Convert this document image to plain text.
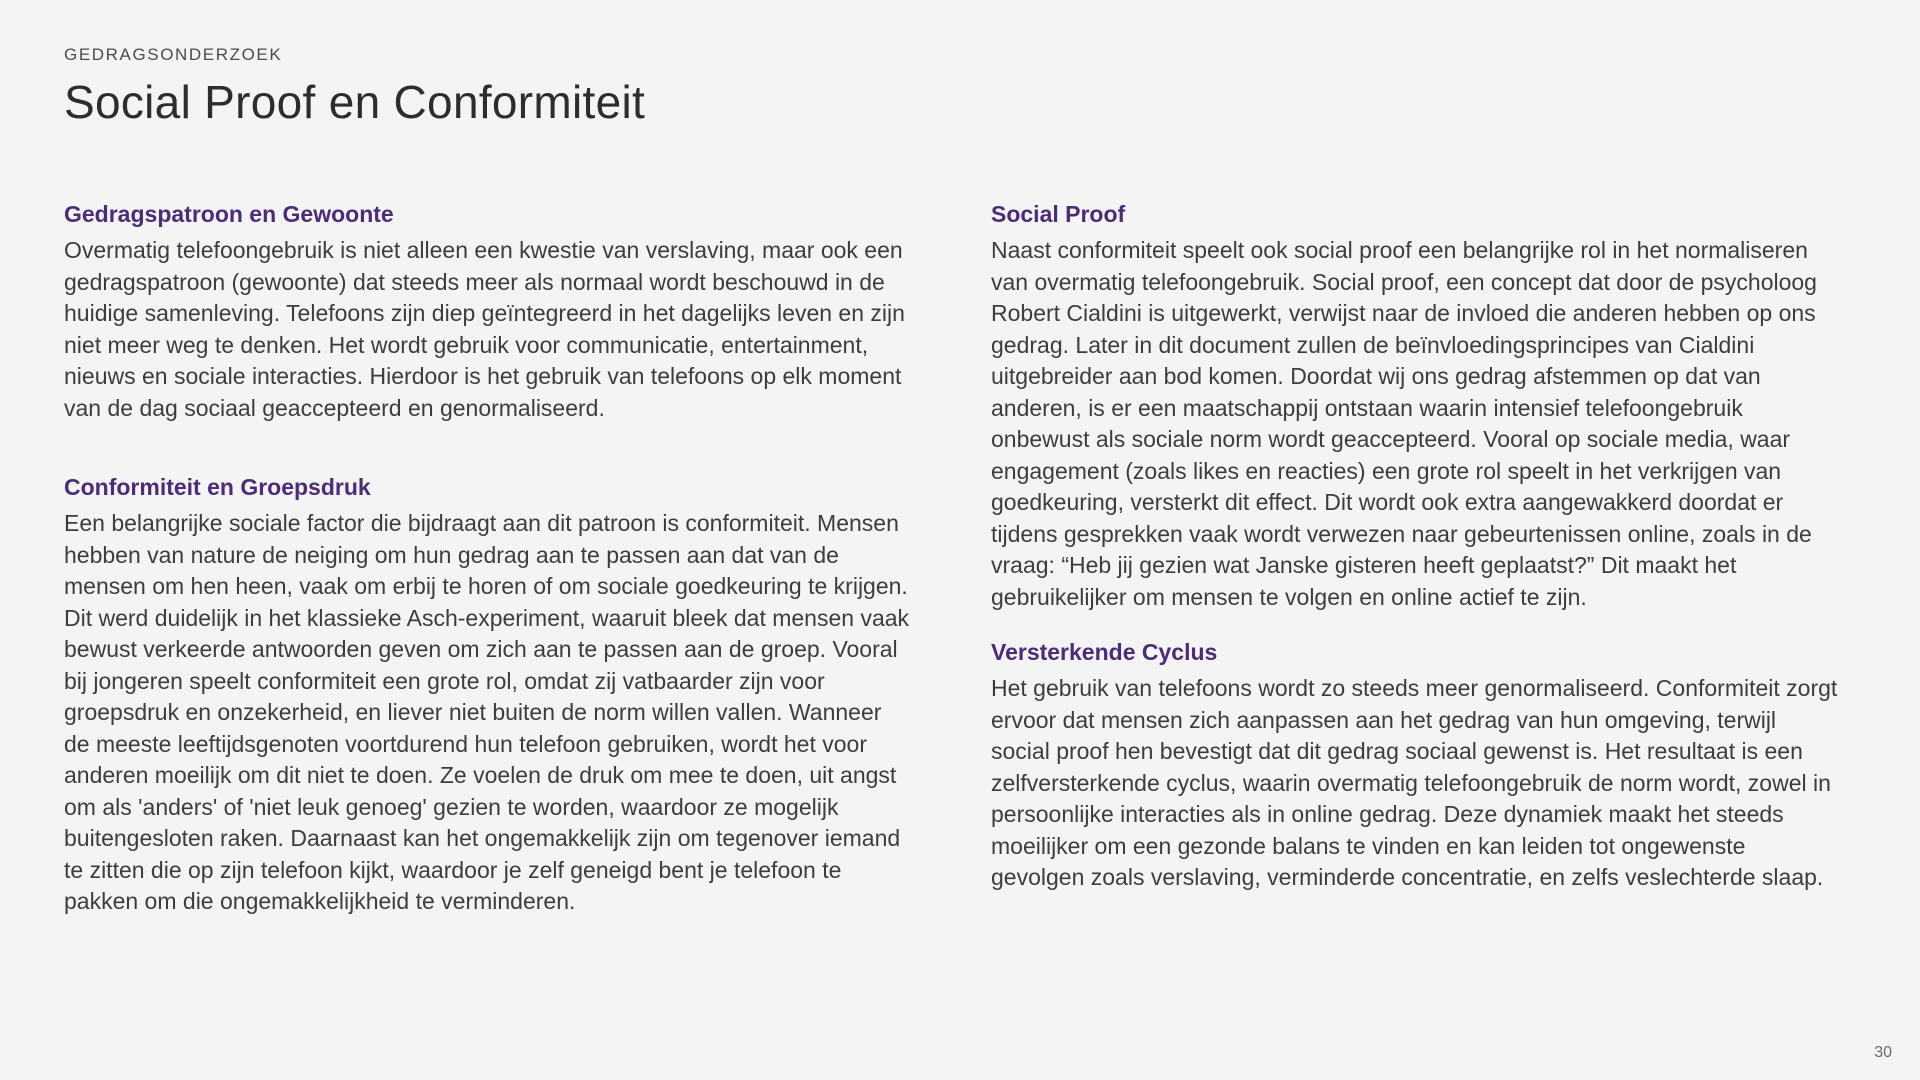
GEDRAGSONDERZOEK
Social Proof en Conformiteit
Gedragspatroon en Gewoonte

Overmatig telefoongebruik is niet alleen een kwestie van verslaving, maar ook een gedragspatroon (gewoonte) dat steeds meer als normaal wordt beschouwd in de huidige samenleving. Telefoons zijn diep geïntegreerd in het dagelijks leven en zijn niet meer weg te denken. Het wordt gebruik voor communicatie, entertainment, nieuws en sociale interacties. Hierdoor is het gebruik van telefoons op elk moment van de dag sociaal geaccepteerd en genormaliseerd.

Conformiteit en Groepsdruk

Een belangrijke sociale factor die bijdraagt aan dit patroon is conformiteit. Mensen hebben van nature de neiging om hun gedrag aan te passen aan dat van de mensen om hen heen, vaak om erbij te horen of om sociale goedkeuring te krijgen. Dit werd duidelijk in het klassieke Asch-experiment, waaruit bleek dat mensen vaak bewust verkeerde antwoorden geven om zich aan te passen aan de groep. Vooral bij jongeren speelt conformiteit een grote rol, omdat zij vatbaarder zijn voor groepsdruk en onzekerheid, en liever niet buiten de norm willen vallen. Wanneer de meeste leeftijdsgenoten voortdurend hun telefoon gebruiken, wordt het voor anderen moeilijk om dit niet te doen. Ze voelen de druk om mee te doen, uit angst om als 'anders' of 'niet leuk genoeg' gezien te worden, waardoor ze mogelijk buitengesloten raken. Daarnaast kan het ongemakkelijk zijn om tegenover iemand te zitten die op zijn telefoon kijkt, waardoor je zelf geneigd bent je telefoon te pakken om die ongemakkelijkheid te verminderen.

Social Proof

Naast conformiteit speelt ook social proof een belangrijke rol in het normaliseren van overmatig telefoongebruik. Social proof, een concept dat door de psycholoog Robert Cialdini is uitgewerkt, verwijst naar de invloed die anderen hebben op ons gedrag. Later in dit document zullen de beïnvloedingsprincipes van Cialdini uitgebreider aan bod komen. Doordat wij ons gedrag afstemmen op dat van anderen, is er een maatschappij ontstaan waarin intensief telefoongebruik onbewust als sociale norm wordt geaccepteerd. Vooral op sociale media, waar engagement (zoals likes en reacties) een grote rol speelt in het verkrijgen van goedkeuring, versterkt dit effect. Dit wordt ook extra aangewakkerd doordat er tijdens gesprekken vaak wordt verwezen naar gebeurtenissen online, zoals in de vraag: “Heb jij gezien wat Janske gisteren heeft geplaatst?” Dit maakt het gebruikelijker om mensen te volgen en online actief te zijn.

Versterkende Cyclus

Het gebruik van telefoons wordt zo steeds meer genormaliseerd. Conformiteit zorgt ervoor dat mensen zich aanpassen aan het gedrag van hun omgeving, terwijl social proof hen bevestigt dat dit gedrag sociaal gewenst is. Het resultaat is een zelfversterkende cyclus, waarin overmatig telefoongebruik de norm wordt, zowel in persoonlijke interacties als in online gedrag. Deze dynamiek maakt het steeds moeilijker om een gezonde balans te vinden en kan leiden tot ongewenste gevolgen zoals verslaving, verminderde concentratie, en zelfs veslechterde slaap.

30
